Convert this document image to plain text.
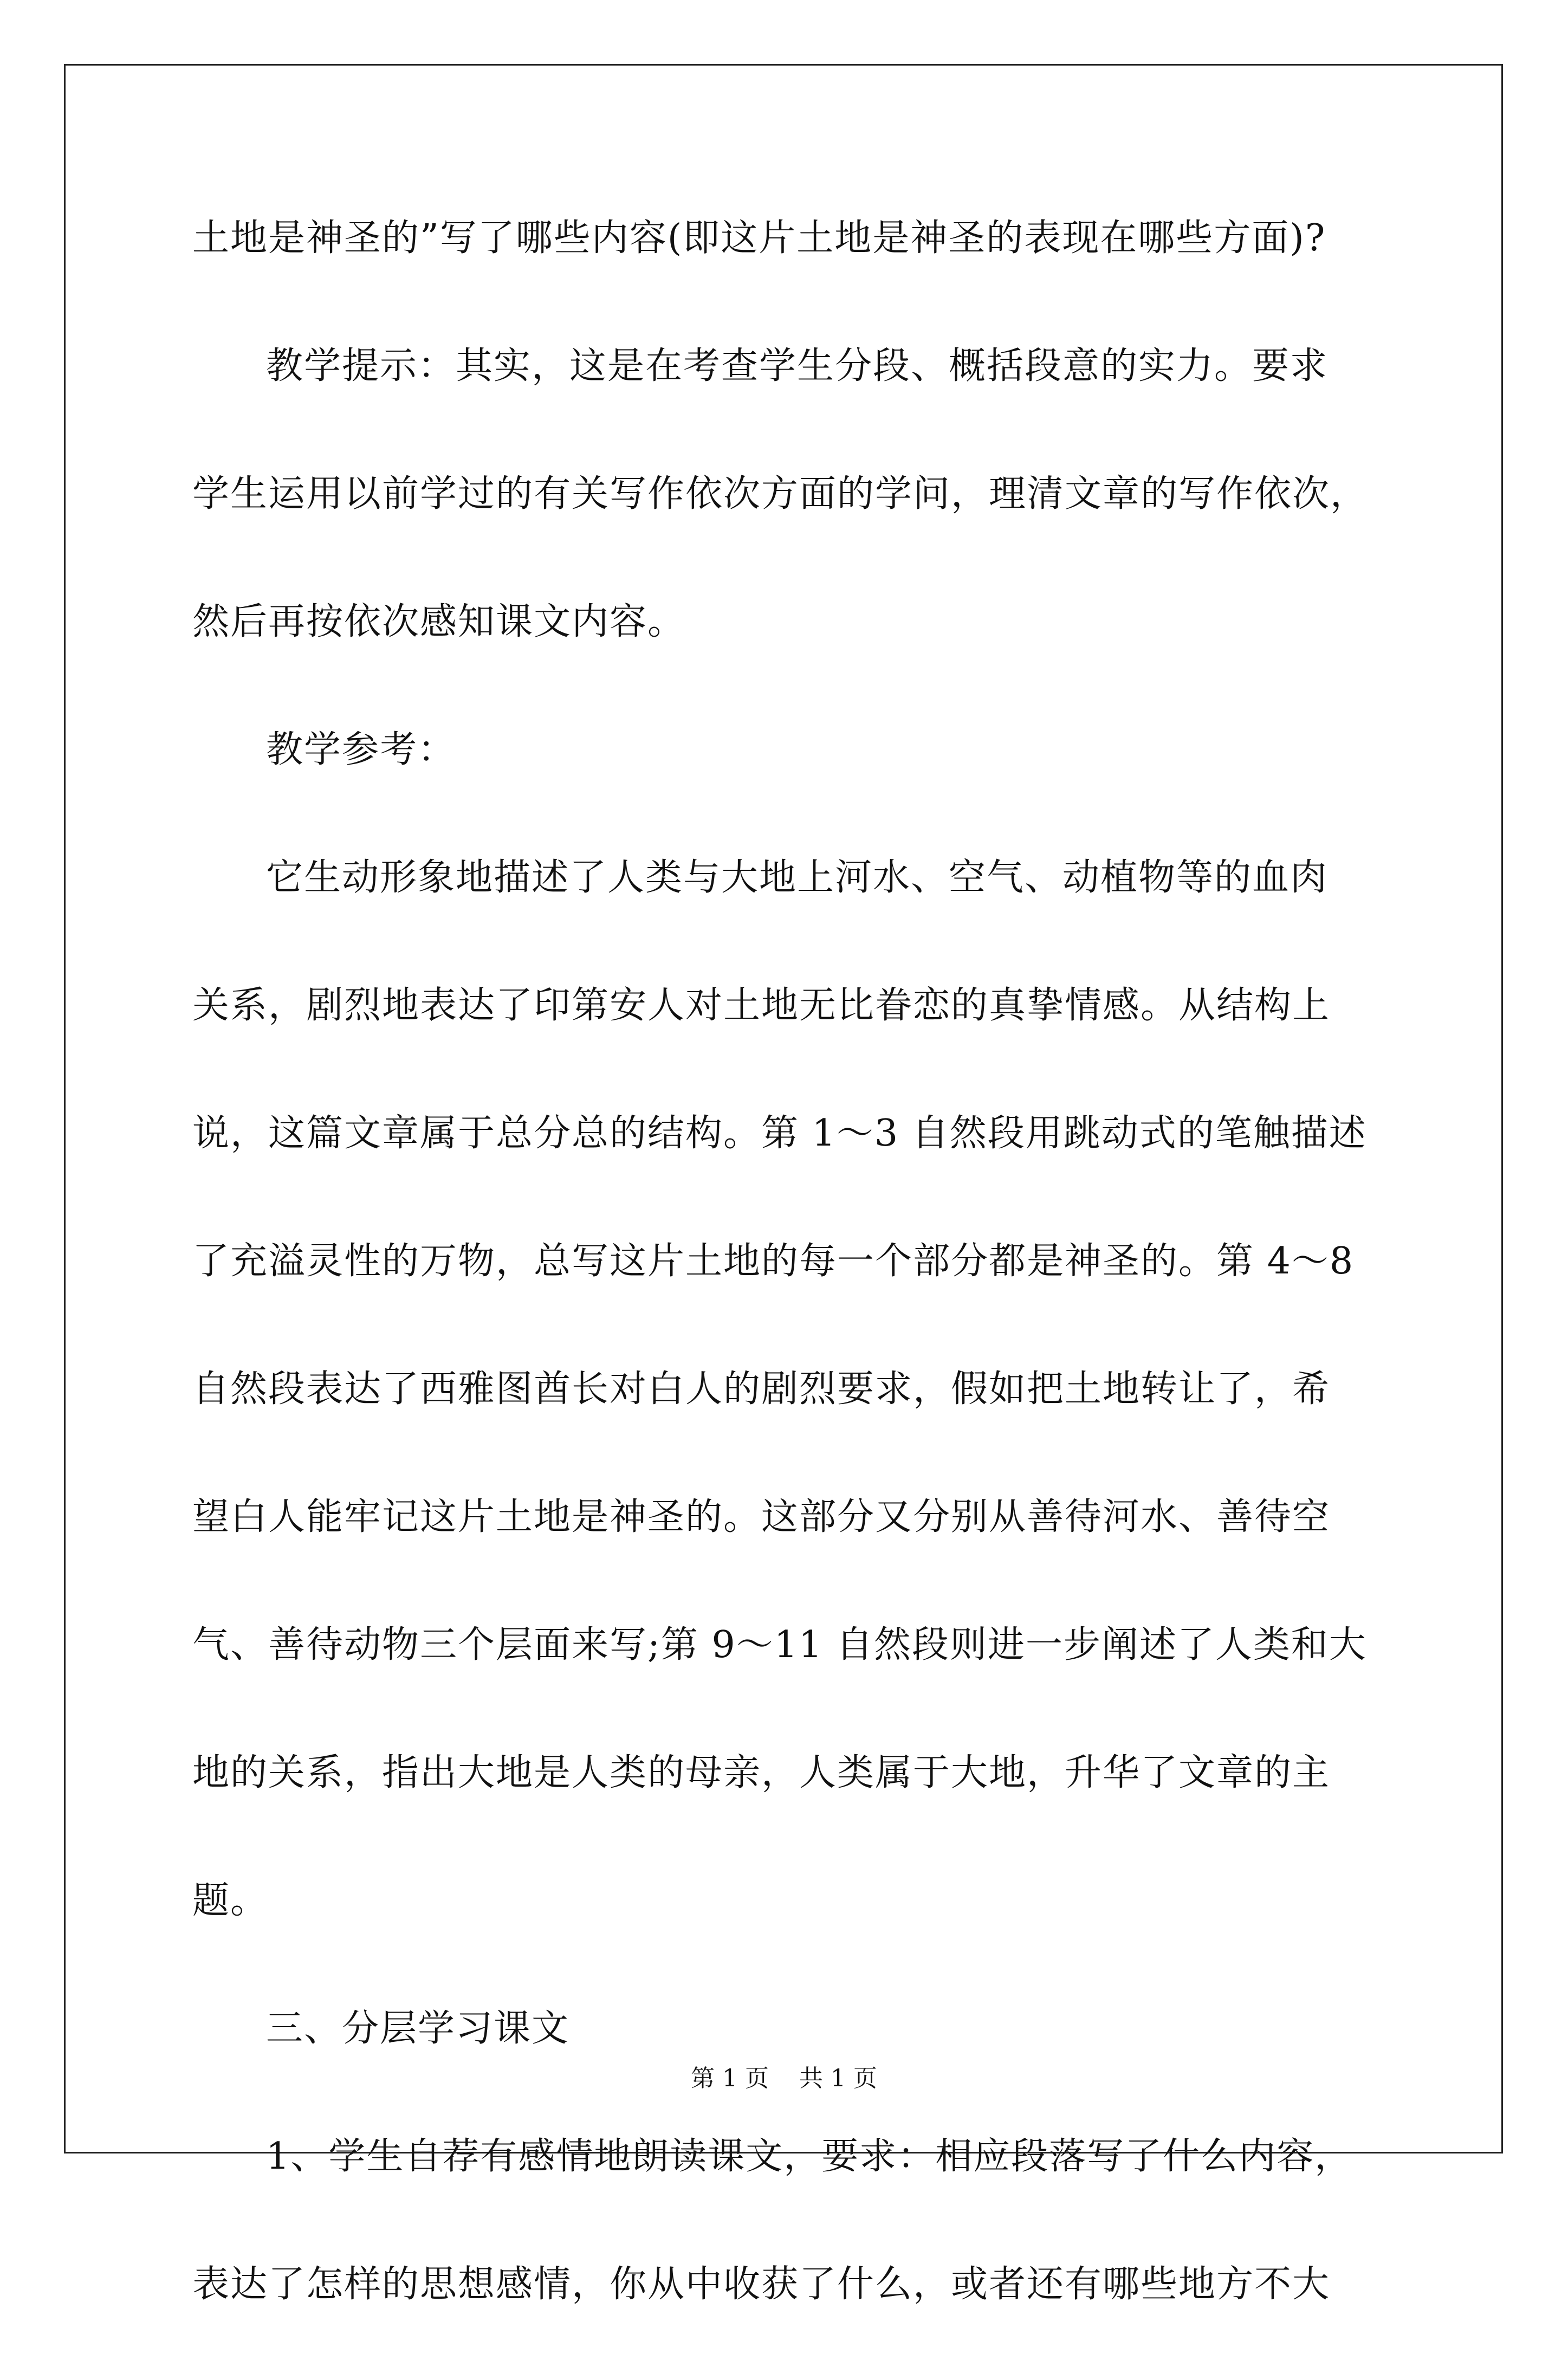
土地是神圣的”写了哪些内容(即这片土地是神圣的表现在哪些方面)?
教学提示：其实，这是在考查学生分段、概括段意的实力。要求
学生运用以前学过的有关写作依次方面的学问，理清文章的写作依次，
然后再按依次感知课文内容。
教学参考：
它生动形象地描述了人类与大地上河水、空气、动植物等的血肉
关系，剧烈地表达了印第安人对土地无比眷恋的真挚情感。从结构上
说，这篇文章属于总分总的结构。第 1～3 自然段用跳动式的笔触描述
了充溢灵性的万物，总写这片土地的每一个部分都是神圣的。第 4～8
自然段表达了西雅图酋长对白人的剧烈要求，假如把土地转让了，希
望白人能牢记这片土地是神圣的。这部分又分别从善待河水、善待空
气、善待动物三个层面来写;第 9～11 自然段则进一步阐述了人类和大
地的关系，指出大地是人类的母亲，人类属于大地，升华了文章的主
题。
三、分层学习课文
1、学生自荐有感情地朗读课文，要求：相应段落写了什么内容，
表达了怎样的思想感情，你从中收获了什么，或者还有哪些地方不大
第 1 页    共 1 页
